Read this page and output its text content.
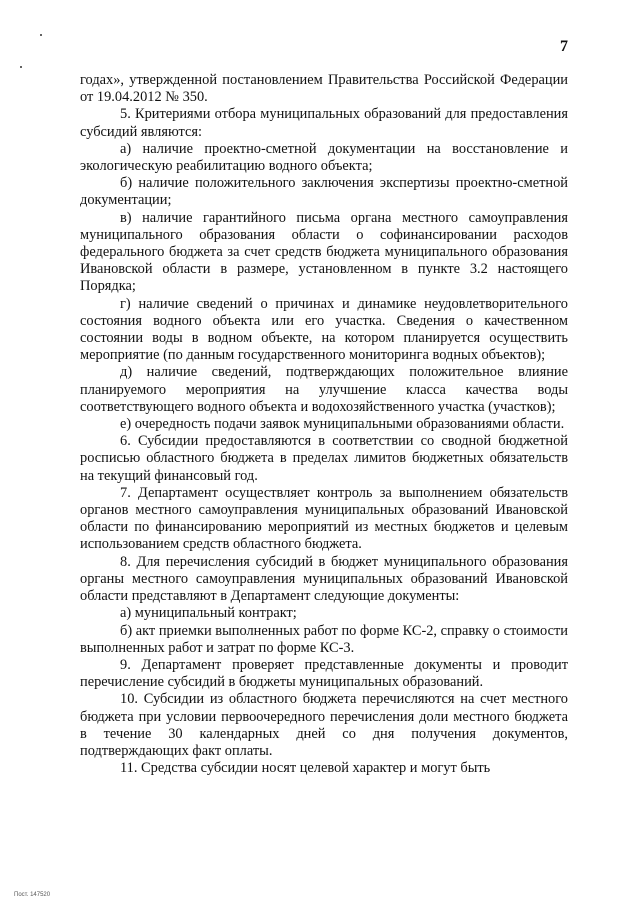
7

годах», утвержденной постановлением Правительства Российской Федерации от 19.04.2012 № 350.

5. Критериями отбора муниципальных образований для предоставления субсидий являются:

а) наличие проектно-сметной документации на восстановление и экологическую реабилитацию водного объекта;

б) наличие положительного заключения экспертизы проектно-сметной документации;

в) наличие гарантийного письма органа местного самоуправления муниципального образования области о софинансировании расходов федерального бюджета за счет средств бюджета муниципального образования Ивановской области в размере, установленном в пункте 3.2 настоящего Порядка;

г) наличие сведений о причинах и динамике неудовлетворительного состояния водного объекта или его участка. Сведения о качественном состоянии воды в водном объекте, на котором планируется осуществить мероприятие (по данным государственного мониторинга водных объектов);

д) наличие сведений, подтверждающих положительное влияние планируемого мероприятия на улучшение класса качества воды соответствующего водного объекта и водохозяйственного участка (участков);

е) очередность подачи заявок муниципальными образованиями области.

6. Субсидии предоставляются в соответствии со сводной бюджетной росписью областного бюджета в пределах лимитов бюджетных обязательств на текущий финансовый год.

7. Департамент осуществляет контроль за выполнением обязательств органов местного самоуправления муниципальных образований Ивановской области по финансированию мероприятий из местных бюджетов и целевым использованием средств областного бюджета.

8. Для перечисления субсидий в бюджет муниципального образования органы местного самоуправления муниципальных образований Ивановской области представляют в Департамент следующие документы:

а) муниципальный контракт;

б) акт приемки выполненных работ по форме КС-2, справку о стоимости выполненных работ и затрат по форме КС-3.

9. Департамент проверяет представленные документы и проводит перечисление субсидий в бюджеты муниципальных образований.

10. Субсидии из областного бюджета перечисляются на счет местного бюджета при условии первоочередного перечисления доли местного бюджета в течение 30 календарных дней со дня получения документов, подтверждающих факт оплаты.

11. Средства субсидии носят целевой характер и могут быть

Пост. 147520
